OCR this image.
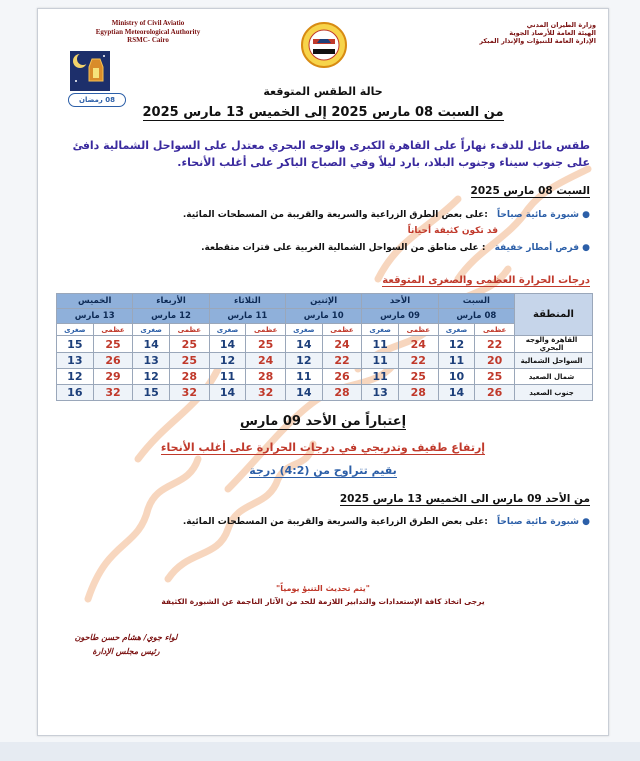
Ministry of Civil Aviatio
Egyptian Meteorological Authority
RSMC- Cairo
وزارة الطيران المدني
الهيئة العامة للأرصاد الجوية
الإدارة العامة للتنبؤات والإنذار المبكر
08 رمضان
حالة الطقس المتوقعة
من السبت 08 مارس 2025 إلى الخميس 13 مارس 2025
طقس مائل للدفء نهاراً على القاهرة الكبرى والوجه البحري معتدل على السواحل الشمالية دافئ على جنوب سيناء وجنوب البلاد، بارد ليلاً وفي الصباح الباكر على أغلب الأنحاء.
السبت 08 مارس 2025
● شبورة مائية صباحاً :على بعض الطرق الزراعية والسريعة والقريبة من المسطحات المائية.
قد تكون كثيفة أحياناً
● فرص أمطار خفيفة : على مناطق من السواحل الشمالية الغربية على فترات متقطعة.
درجات الحرارة العظمى والصغرى المتوقعة
المنطقة	السبت		الأحد		الإثنين		الثلاثاء		الأربعاء		الخميس	
	08 مارس		09 مارس		10 مارس		11 مارس		12 مارس		13 مارس	
	عظمى	صغرى	عظمى	صغرى	عظمى	صغرى	عظمى	صغرى	عظمى	صغرى	عظمى	صغرى
القاهرة والوجه البحري	22	12	24	11	24	14	25	14	25	14	25	15
السواحل الشمالية	20	11	22	11	22	12	24	12	25	13	26	13
شمال الصعيد	25	10	25	11	26	11	28	11	28	12	29	12
جنوب الصعيد	26	14	28	13	28	14	32	14	32	15	32	16
إعتباراً من الأحد 09 مارس
إرتفاع طفيف وتدريجي في درجات الحرارة على أغلب الأنحاء
بقيم تتراوح من (4:2) درجة
من الأحد 09 مارس الى الخميس 13 مارس 2025
● شبورة مائية صباحاً :على بعض الطرق الزراعية والسريعة والقريبة من المسطحات المائية.
"يتم تحديث التنبؤ يومياً"
يرجى اتخاذ كافة الإستعدادات والتدابير اللازمة للحد من الآثار الناجمة عن الشبورة الكثيفة
لواء جوي/ هشام حسن طاحون
رئيس مجلس الإدارة
